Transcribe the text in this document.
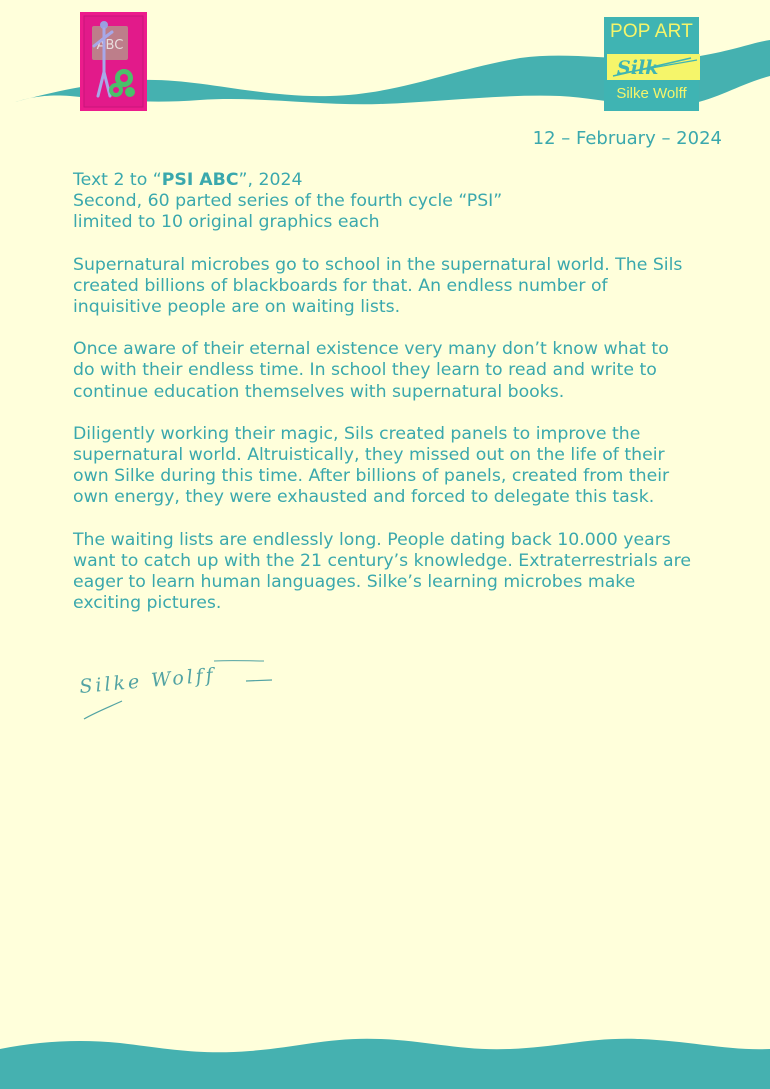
ABC
POP ART
Silk
Silke Wolff
12 – February – 2024

Text 2 to “PSI ABC”, 2024
Second, 60 parted series of the fourth cycle “PSI”
limited to 10 original graphics each

Supernatural microbes go to school in the supernatural world. The Sils
created billions of blackboards for that. An endless number of
inquisitive people are on waiting lists.

Once aware of their eternal existence very many don’t know what to
do with their endless time. In school they learn to read and write to
continue education themselves with supernatural books.

Diligently working their magic, Sils created panels to improve the
supernatural world. Altruistically, they missed out on the life of their
own Silke during this time. After billions of panels, created from their
own energy, they were exhausted and forced to delegate this task.

The waiting lists are endlessly long. People dating back 10.000 years
want to catch up with the 21 century’s knowledge. Extraterrestrials are
eager to learn human languages. Silke’s learning microbes make
exciting pictures.

Silke Wolff
